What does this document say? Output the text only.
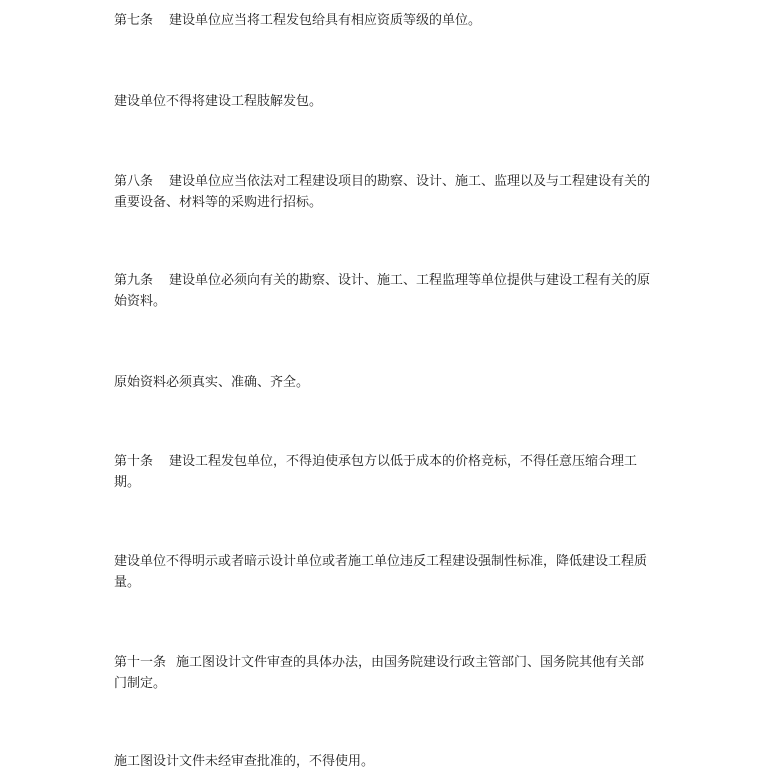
第七条 建设单位应当将工程发包给具有相应资质等级的单位。

建设单位不得将建设工程肢解发包。

第八条 建设单位应当依法对工程建设项目的勘察、设计、施工、监理以及与工程建设有关的重要设备、材料等的采购进行招标。

第九条 建设单位必须向有关的勘察、设计、施工、工程监理等单位提供与建设工程有关的原始资料。

原始资料必须真实、准确、齐全。

第十条 建设工程发包单位，不得迫使承包方以低于成本的价格竞标，不得任意压缩合理工期。

建设单位不得明示或者暗示设计单位或者施工单位违反工程建设强制性标准，降低建设工程质量。

第十一条 施工图设计文件审查的具体办法，由国务院建设行政主管部门、国务院其他有关部门制定。

施工图设计文件未经审查批准的，不得使用。
